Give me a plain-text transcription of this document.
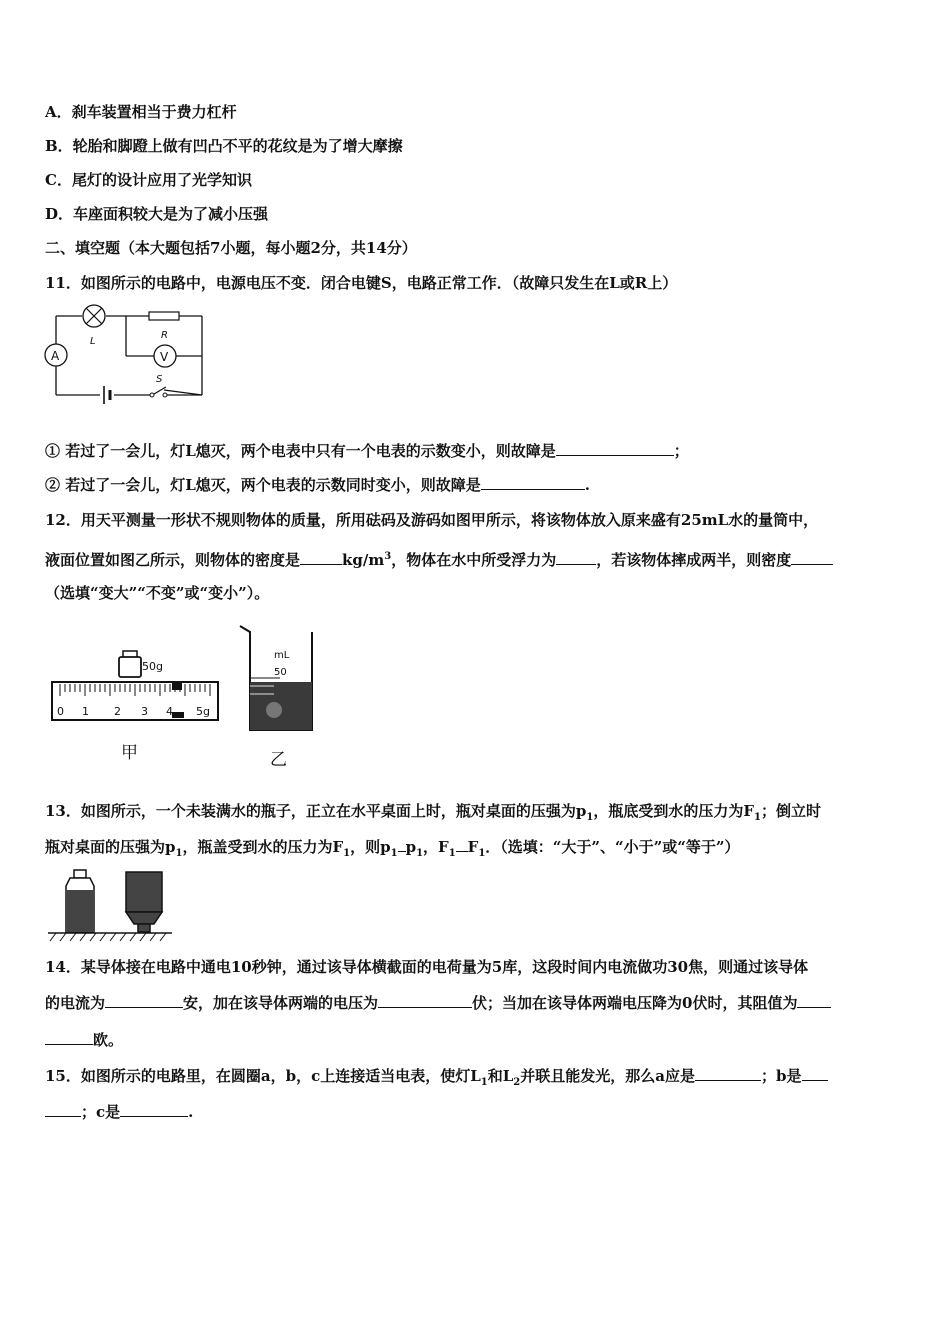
A．刹车装置相当于费力杠杆
B．轮胎和脚蹬上做有凹凸不平的花纹是为了增大摩擦
C．尾灯的设计应用了光学知识
D．车座面积较大是为了减小压强
二、填空题（本大题包括7小题，每小题2分，共14分）
11．如图所示的电路中，电源电压不变．闭合电键S，电路正常工作．（故障只发生在L或R上）
L
R
V
A
S
① 若过了一会儿，灯L熄灭，两个电表中只有一个电表的示数变小，则故障是	；
② 若过了一会儿，灯L熄灭，两个电表的示数同时变小，则故障是	.
12．用天平测量一形状不规则物体的质量，所用砝码及游码如图甲所示，将该物体放入原来盛有25mL水的量筒中，
液面位置如图乙所示，则物体的密度是	$kg/m^3$，物体在水中所受浮力为	，若该物体摔成两半，则密度
（选填“变大”“不变”或“变小”）。
50g
0 1 2 3 4 5g
甲
mL
50
乙
13．如图所示，一个未装满水的瓶子，正立在水平桌面上时，瓶对桌面的压强为$p_1$，瓶底受到水的压力为$F_1$；倒立时
瓶对桌面的压强为$p_1$，瓶盖受到水的压力为$F_1$，则$p_1$ $p_1$，$F_1$ $F_1$．（选填：“大于”、“小于”或“等于”）
14．某导体接在电路中通电10秒钟，通过该导体横截面的电荷量为5库，这段时间内电流做功30焦，则通过该导体
的电流为	安，加在该导体两端的电压为	伏；当加在该导体两端电压降为0伏时，其阻值为
欧。
15．如图所示的电路里，在圆圈a，b，c上连接适当电表，使灯$L_1$和$L_2$并联且能发光，那么a应是	；b是
；c是	.
